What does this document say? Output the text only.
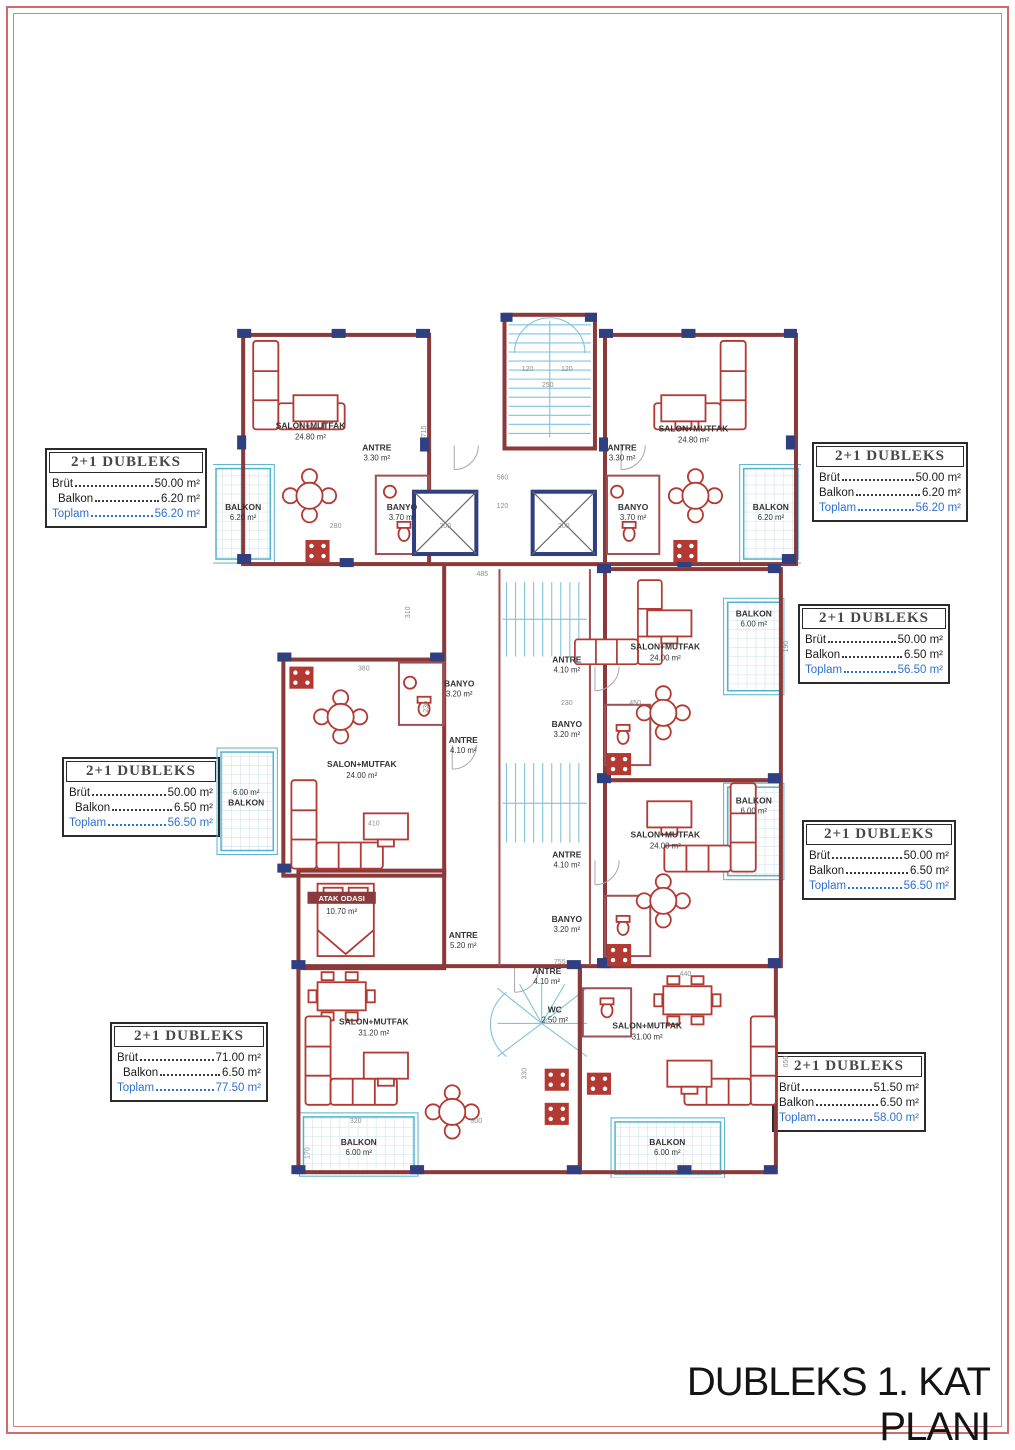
2+1 DUBLEKS
Brüt	50.00 m²
Balkon	6.20 m²
Toplam	56.20 m²
2+1 DUBLEKS
Brüt	50.00 m²
Balkon	6.20 m²
Toplam	56.20 m²
2+1 DUBLEKS
Brüt	50.00 m²
Balkon	6.50 m²
Toplam	56.50 m²
2+1 DUBLEKS
Brüt	50.00 m²
Balkon	6.50 m²
Toplam	56.50 m²
2+1 DUBLEKS
Brüt	50.00 m²
Balkon	6.50 m²
Toplam	56.50 m²
2+1 DUBLEKS
Brüt	71.00 m²
Balkon	6.50 m²
Toplam	77.50 m²
2+1 DUBLEKS
Brüt	51.50 m²
Balkon	6.50 m²
Toplam	58.00 m²
SALON+MUTFAK
24.80 m²
ANTRE
3.30 m²
BANYO
3.70 m²
BALKON
6.20 m²
SALON+MUTFAK
24.80 m²
ANTRE
3.30 m²
BANYO
3.70 m²
BALKON
6.20 m²
SALON+MUTFAK
24.00 m²
ANTRE
4.10 m²
BANYO
3.20 m²
6.00 m²
BALKON
SALON+MUTFAK
24.00 m²
ANTRE
4.10 m²
BANYO
3.20 m²
BALKON
6.00 m²
SALON+MUTFAK
24.00 m²
ANTRE
4.10 m²
BANYO
3.20 m²
BALKON
6.00 m²
ATAK ODASI
10.70 m²
ANTRE
5.20 m²
SALON+MUTFAK
31.20 m²
BALKON
6.00 m²
ANTRE
4.10 m²
WC
2.50 m²
SALON+MUTFAK
31.00 m²
BALKON
6.00 m²
560
120
250
120	120
200	200
485
310
380
410
230
755
300
330
440
320
170
190
715
280
230	450
650
DUBLEKS 1. KAT PLANI
